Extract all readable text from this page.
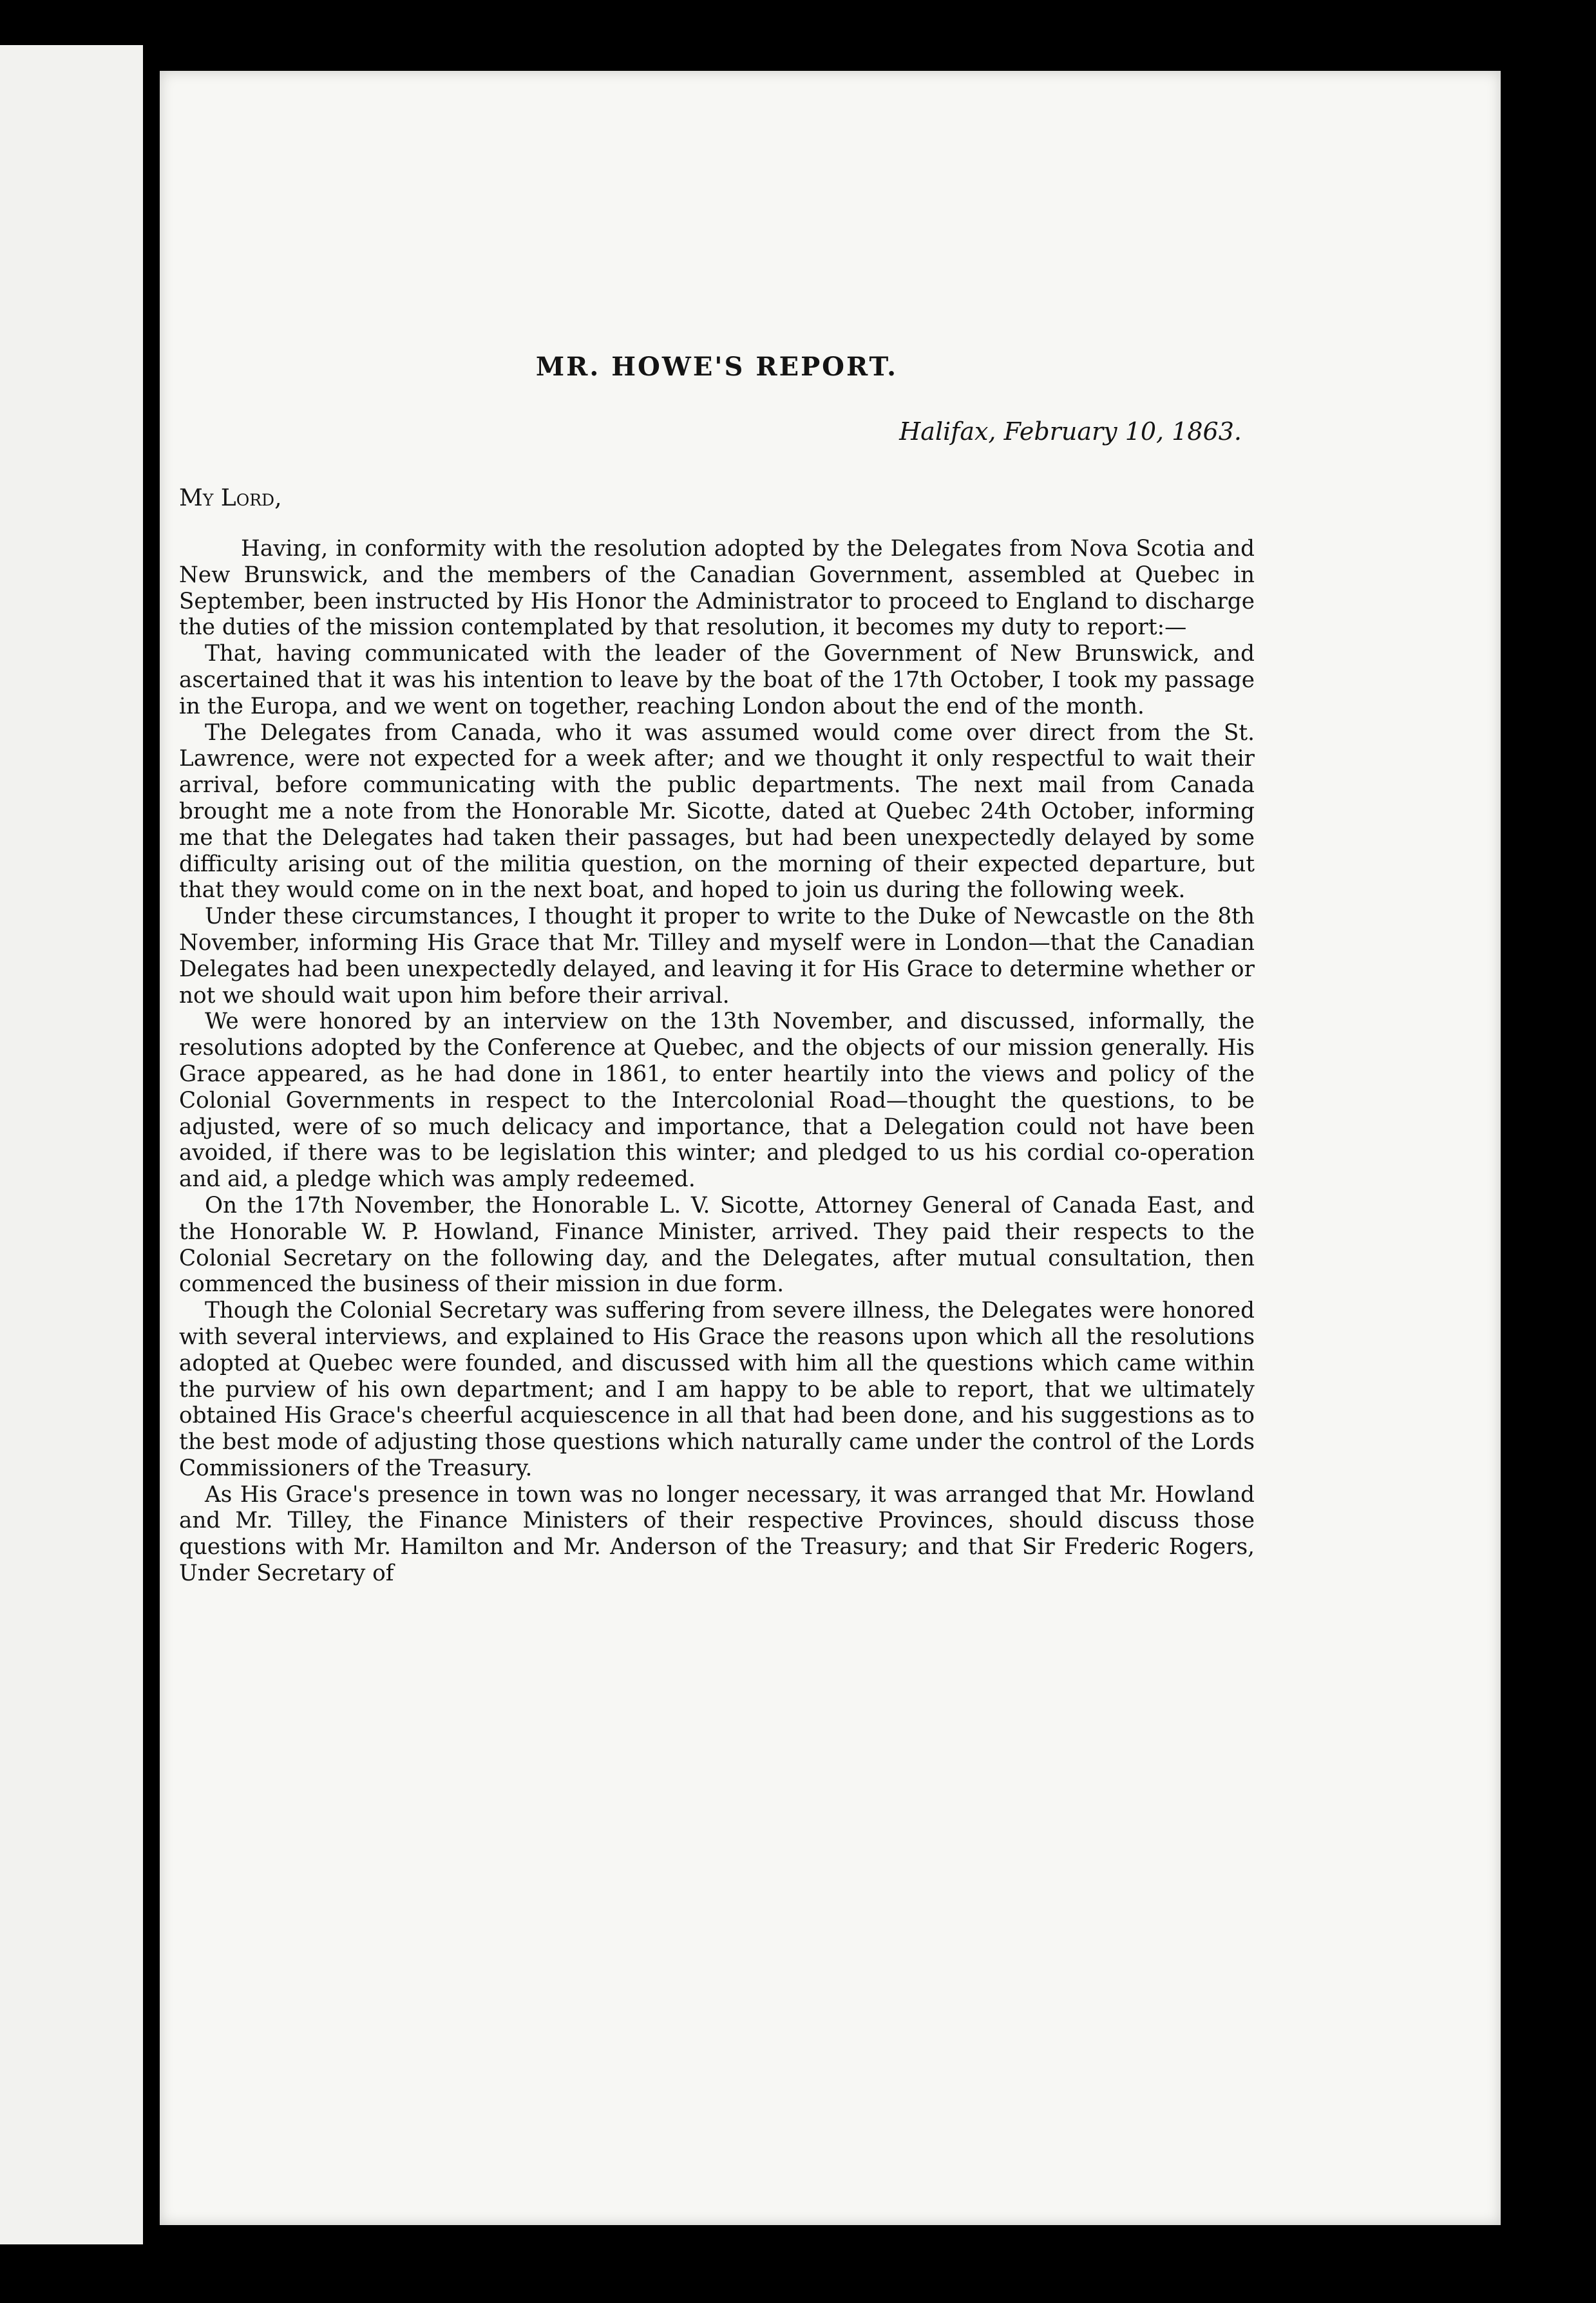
MR. HOWE'S REPORT.
Halifax, February 10, 1863.
My Lord,

Having, in conformity with the resolution adopted by the Delegates from Nova Scotia and New Brunswick, and the members of the Canadian Government, assembled at Quebec in September, been instructed by His Honor the Administrator to proceed to England to discharge the duties of the mission contemplated by that resolution, it becomes my duty to report:—

That, having communicated with the leader of the Government of New Brunswick, and ascertained that it was his intention to leave by the boat of the 17th October, I took my passage in the Europa, and we went on together, reaching London about the end of the month.

The Delegates from Canada, who it was assumed would come over direct from the St. Lawrence, were not expected for a week after; and we thought it only respectful to wait their arrival, before communicating with the public departments. The next mail from Canada brought me a note from the Honorable Mr. Sicotte, dated at Quebec 24th October, informing me that the Delegates had taken their passages, but had been unexpectedly delayed by some difficulty arising out of the militia question, on the morning of their expected departure, but that they would come on in the next boat, and hoped to join us during the following week.

Under these circumstances, I thought it proper to write to the Duke of Newcastle on the 8th November, informing His Grace that Mr. Tilley and myself were in London—that the Canadian Delegates had been unexpectedly delayed, and leaving it for His Grace to determine whether or not we should wait upon him before their arrival.

We were honored by an interview on the 13th November, and discussed, informally, the resolutions adopted by the Conference at Quebec, and the objects of our mission generally. His Grace appeared, as he had done in 1861, to enter heartily into the views and policy of the Colonial Governments in respect to the Intercolonial Road—thought the questions, to be adjusted, were of so much delicacy and importance, that a Delegation could not have been avoided, if there was to be legislation this winter; and pledged to us his cordial co-operation and aid, a pledge which was amply redeemed.

On the 17th November, the Honorable L. V. Sicotte, Attorney General of Canada East, and the Honorable W. P. Howland, Finance Minister, arrived. They paid their respects to the Colonial Secretary on the following day, and the Delegates, after mutual consultation, then commenced the business of their mission in due form.

Though the Colonial Secretary was suffering from severe illness, the Delegates were honored with several interviews, and explained to His Grace the reasons upon which all the resolutions adopted at Quebec were founded, and discussed with him all the questions which came within the purview of his own department; and I am happy to be able to report, that we ultimately obtained His Grace's cheerful acquiescence in all that had been done, and his suggestions as to the best mode of adjusting those questions which naturally came under the control of the Lords Commissioners of the Treasury.

As His Grace's presence in town was no longer necessary, it was arranged that Mr. Howland and Mr. Tilley, the Finance Ministers of their respective Provinces, should discuss those questions with Mr. Hamilton and Mr. Anderson of the Treasury; and that Sir Frederic Rogers, Under Secretary of
